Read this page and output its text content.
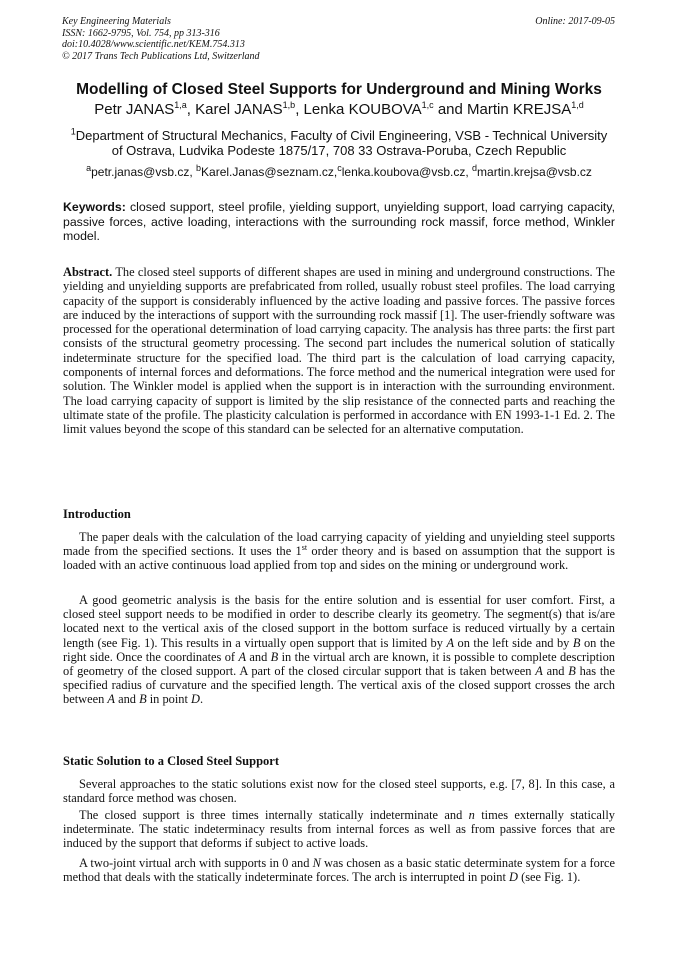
Key Engineering Materials
ISSN: 1662-9795, Vol. 754, pp 313-316
doi:10.4028/www.scientific.net/KEM.754.313
© 2017 Trans Tech Publications Ltd, Switzerland
Online: 2017-09-05
Modelling of Closed Steel Supports for Underground and Mining Works
Petr JANAS$^{1,a}$, Karel JANAS$^{1,b}$, Lenka KOUBOVA$^{1,c}$ and Martin KREJSA$^{1,d}$
$^1$Department of Structural Mechanics, Faculty of Civil Engineering, VSB - Technical University of Ostrava, Ludvika Podeste 1875/17, 708 33 Ostrava-Poruba, Czech Republic
$^a$petr.janas@vsb.cz, $^b$Karel.Janas@seznam.cz,$^c$lenka.koubova@vsb.cz, $^d$martin.krejsa@vsb.cz
Keywords: closed support, steel profile, yielding support, unyielding support, load carrying capacity, passive forces, active loading, interactions with the surrounding rock massif, force method, Winkler model.
Abstract. The closed steel supports of different shapes are used in mining and underground constructions. The yielding and unyielding supports are prefabricated from rolled, usually robust steel profiles. The load carrying capacity of the support is considerably influenced by the active loading and passive forces. The passive forces are induced by the interactions of support with the surrounding rock massif [1]. The user-friendly software was processed for the operational determination of load carrying capacity. The analysis has three parts: the first part consists of the structural geometry processing. The second part includes the numerical solution of statically indeterminate structure for the specified load. The third part is the calculation of load carrying capacity, components of internal forces and deformations. The force method and the numerical integration were used for solution. The Winkler model is applied when the support is in interaction with the surrounding environment. The load carrying capacity of support is limited by the slip resistance of the connected parts and reaching the ultimate state of the profile. The plasticity calculation is performed in accordance with EN 1993-1-1 Ed. 2. The limit values beyond the scope of this standard can be selected for an alternative computation.
Introduction

The paper deals with the calculation of the load carrying capacity of yielding and unyielding steel supports made from the specified sections. It uses the 1st order theory and is based on assumption that the support is loaded with an active continuous load applied from top and sides on the mining or underground work.

A good geometric analysis is the basis for the entire solution and is essential for user comfort. First, a closed steel support needs to be modified in order to describe clearly its geometry. The segment(s) that is/are located next to the vertical axis of the closed support in the bottom surface is reduced virtually by a certain length (see Fig. 1). This results in a virtually open support that is limited by A on the left side and by B on the right side. Once the coordinates of A and B in the virtual arch are known, it is possible to complete description of geometry of the closed support. A part of the closed circular support that is taken between A and B has the specified radius of curvature and the specified length. The vertical axis of the closed support crosses the arch between A and B in point D.

Static Solution to a Closed Steel Support

Several approaches to the static solutions exist now for the closed steel supports, e.g. [7, 8]. In this case, a standard force method was chosen.

The closed support is three times internally statically indeterminate and n times externally statically indeterminate. The static indeterminacy results from internal forces as well as from passive forces that are induced by the support that deforms if subject to active loads.

A two-joint virtual arch with supports in 0 and N was chosen as a basic static determinate system for a force method that deals with the statically indeterminate forces. The arch is interrupted in point D (see Fig. 1).
